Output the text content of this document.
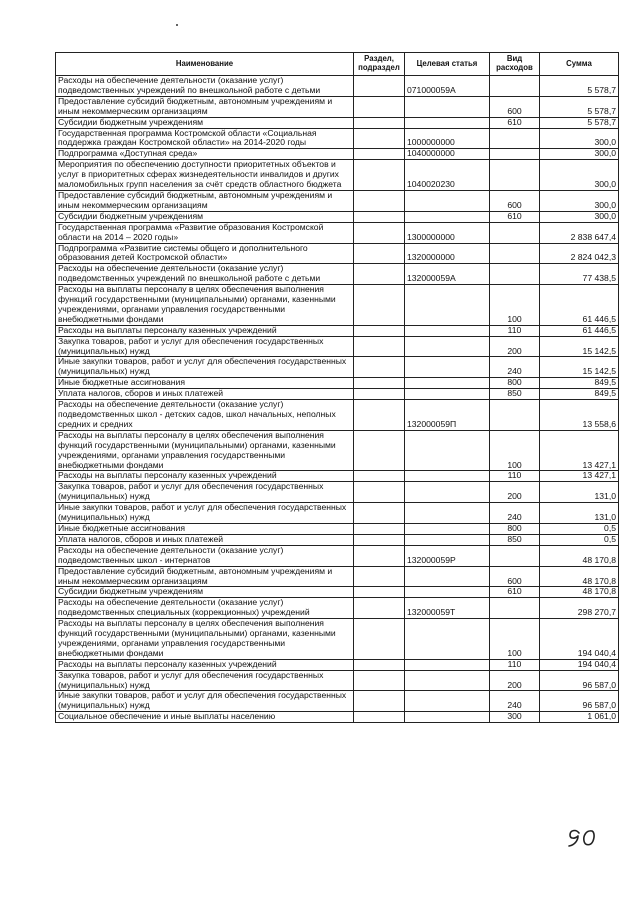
Наименование	Раздел, подраздел	Целевая статья	Вид расходов	Сумма
Расходы на обеспечение деятельности (оказание услуг) подведомственных учреждений по внешкольной работе с детьми		071000059А		5 578,7
Предоставление субсидий бюджетным, автономным учреждениям и иным некоммерческим организациям			600	5 578,7
Субсидии бюджетным учреждениям			610	5 578,7
Государственная программа Костромской области «Социальная поддержка граждан Костромской области» на 2014-2020 годы		1000000000		300,0
Подпрограмма «Доступная среда»		1040000000		300,0
Мероприятия по обеспечению доступности приоритетных объектов и услуг в приоритетных сферах жизнедеятельности инвалидов и других маломобильных групп населения за счёт средств областного бюджета		1040020230		300,0
Предоставление субсидий бюджетным, автономным учреждениям и иным некоммерческим организациям			600	300,0
Субсидии бюджетным учреждениям			610	300,0
Государственная программа «Развитие образования Костромской области на 2014 – 2020 годы»		1300000000		2 838 647,4
Подпрограмма «Развитие системы общего и дополнительного образования детей Костромской области»		1320000000		2 824 042,3
Расходы на обеспечение деятельности (оказание услуг) подведомственных учреждений по внешкольной работе с детьми		132000059А		77 438,5
Расходы на выплаты персоналу в целях обеспечения выполнения функций государственными (муниципальными) органами, казенными учреждениями, органами управления государственными внебюджетными фондами			100	61 446,5
Расходы на выплаты персоналу казенных учреждений			110	61 446,5
Закупка товаров, работ и услуг для обеспечения государственных (муниципальных) нужд			200	15 142,5
Иные закупки товаров, работ и услуг для обеспечения государственных (муниципальных) нужд			240	15 142,5
Иные бюджетные ассигнования			800	849,5
Уплата налогов, сборов и иных платежей			850	849,5
Расходы на обеспечение деятельности (оказание услуг) подведомственных школ - детских садов, школ начальных, неполных средних и средних		132000059П		13 558,6
Расходы на выплаты персоналу в целях обеспечения выполнения функций государственными (муниципальными) органами, казенными учреждениями, органами управления государственными внебюджетными фондами			100	13 427,1
Расходы на выплаты персоналу казенных учреждений			110	13 427,1
Закупка товаров, работ и услуг для обеспечения государственных (муниципальных) нужд			200	131,0
Иные закупки товаров, работ и услуг для обеспечения государственных (муниципальных) нужд			240	131,0
Иные бюджетные ассигнования			800	0,5
Уплата налогов, сборов и иных платежей			850	0,5
Расходы на обеспечение деятельности (оказание услуг) подведомственных школ - интернатов		132000059Р		48 170,8
Предоставление субсидий бюджетным, автономным учреждениям и иным некоммерческим организациям			600	48 170,8
Субсидии бюджетным учреждениям			610	48 170,8
Расходы на обеспечение деятельности (оказание услуг) подведомственных специальных (коррекционных) учреждений		132000059Т		298 270,7
Расходы на выплаты персоналу в целях обеспечения выполнения функций государственными (муниципальными) органами, казенными учреждениями, органами управления государственными внебюджетными фондами			100	194 040,4
Расходы на выплаты персоналу казенных учреждений			110	194 040,4
Закупка товаров, работ и услуг для обеспечения государственных (муниципальных) нужд			200	96 587,0
Иные закупки товаров, работ и услуг для обеспечения государственных (муниципальных) нужд			240	96 587,0
Социальное обеспечение и иные выплаты населению			300	1 061,0
